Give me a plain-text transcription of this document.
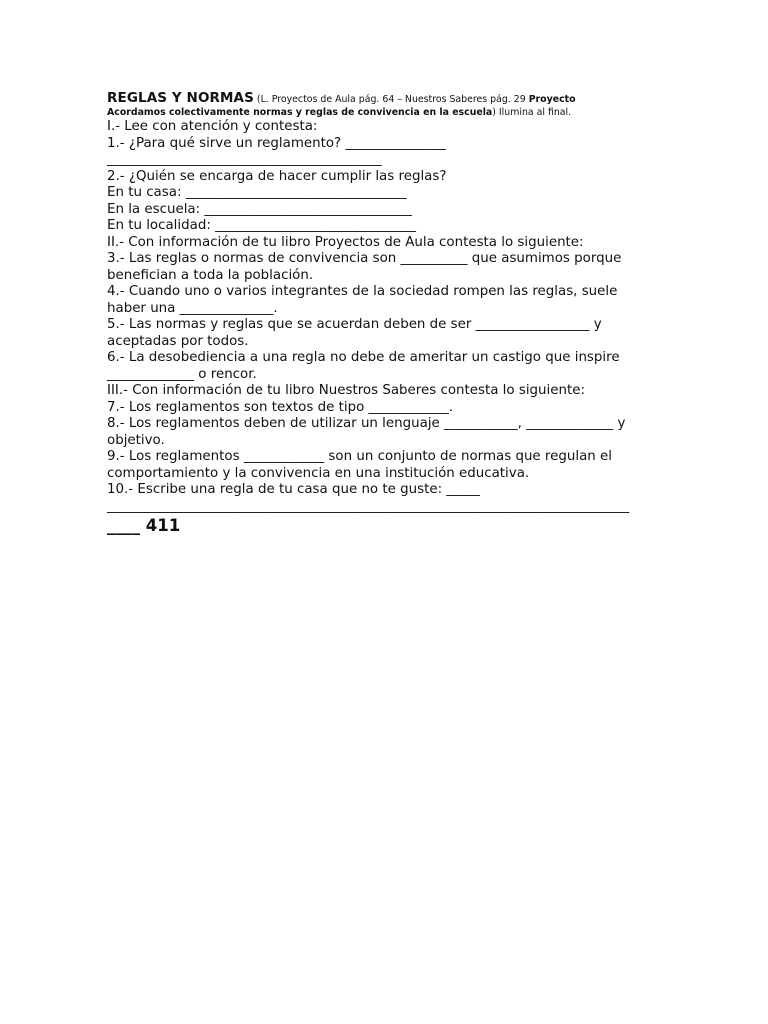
REGLAS Y NORMAS (L. Proyectos de Aula pág. 64 – Nuestros Saberes pág. 29 Proyecto
Acordamos colectivamente normas y reglas de convivencia en la escuela) Ilumina al final.
I.- Lee con atención y contesta:
1.- ¿Para qué sirve un reglamento? _______________
_________________________________________
2.- ¿Quién se encarga de hacer cumplir las reglas?
En tu casa: _________________________________
En la escuela: _______________________________
En tu localidad: ______________________________
II.- Con información de tu libro Proyectos de Aula contesta lo siguiente:
3.- Las reglas o normas de convivencia son __________ que asumimos porque
benefician a toda la población.
4.- Cuando uno o varios integrantes de la sociedad rompen las reglas, suele
haber una ______________.
5.- Las normas y reglas que se acuerdan deben de ser _________________ y
aceptadas por todos.
6.- La desobediencia a una regla no debe de ameritar un castigo que inspire
_____________ o rencor.
III.- Con información de tu libro Nuestros Saberes contesta lo siguiente:
7.- Los reglamentos son textos de tipo ____________.
8.- Los reglamentos deben de utilizar un lenguaje ___________, _____________ y
objetivo.
9.- Los reglamentos ____________ son un conjunto de normas que regulan el
comportamiento y la convivencia en una institución educativa.
10.- Escribe una regla de tu casa que no te guste: _____
______________________________________________________________________________
____ 411
